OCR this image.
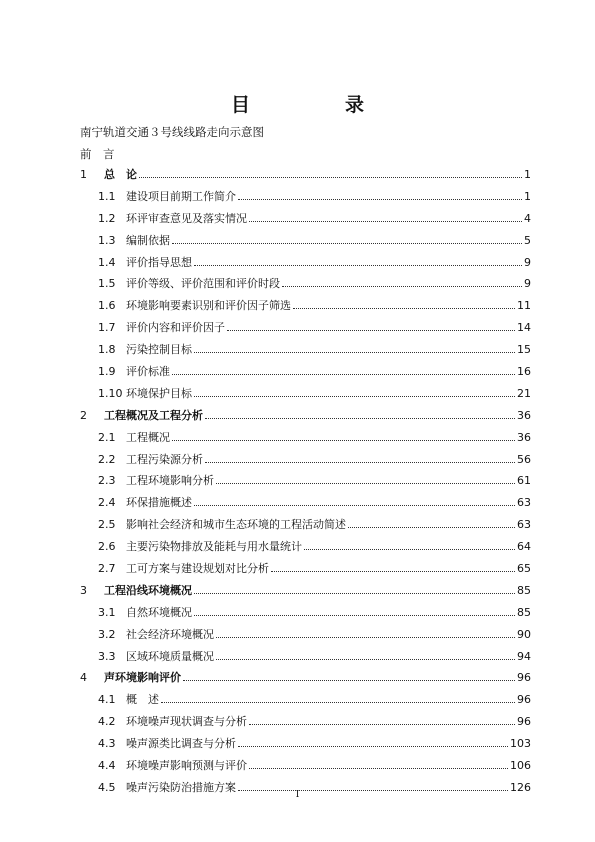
目　录
南宁轨道交通３号线线路走向示意图
前　言
1	总　论	1
1.1 建设项目前期工作简介	1
1.2 环评审查意见及落实情况	4
1.3 编制依据	5
1.4 评价指导思想	9
1.5 评价等级、评价范围和评价时段	9
1.6 环境影响要素识别和评价因子筛选	11
1.7 评价内容和评价因子	14
1.8 污染控制目标	15
1.9 评价标准	16
1.10 环境保护目标	21
2	工程概况及工程分析	36
2.1 工程概况	36
2.2 工程污染源分析	56
2.3 工程环境影响分析	61
2.4 环保措施概述	63
2.5 影响社会经济和城市生态环境的工程活动简述	63
2.6 主要污染物排放及能耗与用水量统计	64
2.7 工可方案与建设规划对比分析	65
3	工程沿线环境概况	85
3.1 自然环境概况	85
3.2 社会经济环境概况	90
3.3 区域环境质量概况	94
4	声环境影响评价	96
4.1 概　述	96
4.2 环境噪声现状调查与分析	96
4.3 噪声源类比调查与分析	103
4.4 环境噪声影响预测与评价	106
4.5 噪声污染防治措施方案	126
I
